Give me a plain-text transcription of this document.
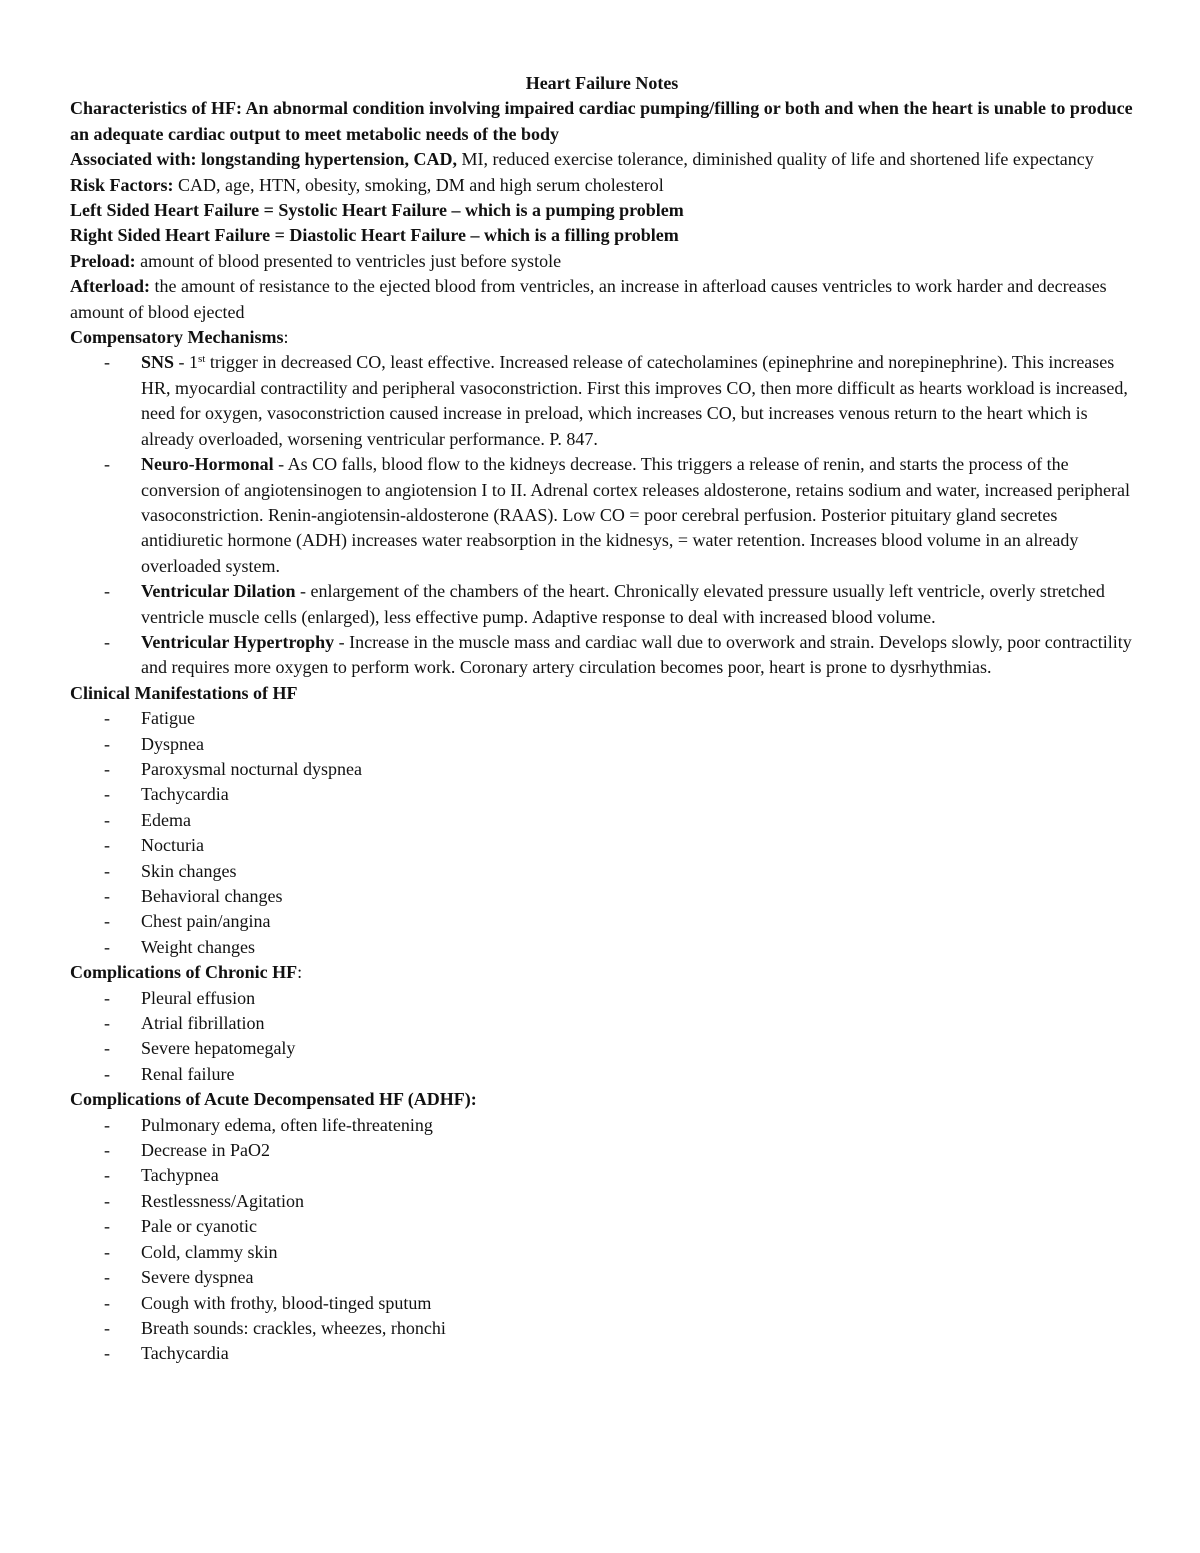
Heart Failure Notes

Characteristics of HF: An abnormal condition involving impaired cardiac pumping/filling or both and when the heart is unable to produce an adequate cardiac output to meet metabolic needs of the body

Associated with: longstanding hypertension, CAD, MI, reduced exercise tolerance, diminished quality of life and shortened life expectancy

Risk Factors: CAD, age, HTN, obesity, smoking, DM and high serum cholesterol

Left Sided Heart Failure = Systolic Heart Failure – which is a pumping problem

Right Sided Heart Failure = Diastolic Heart Failure – which is a filling problem

Preload: amount of blood presented to ventricles just before systole

Afterload: the amount of resistance to the ejected blood from ventricles, an increase in afterload causes ventricles to work harder and decreases amount of blood ejected

Compensatory Mechanisms:

- SNS - 1st trigger in decreased CO, least effective. Increased release of catecholamines (epinephrine and norepinephrine). This increases HR, myocardial contractility and peripheral vasoconstriction. First this improves CO, then more difficult as hearts workload is increased, need for oxygen, vasoconstriction caused increase in preload, which increases CO, but increases venous return to the heart which is already overloaded, worsening ventricular performance. P. 847.
- Neuro-Hormonal - As CO falls, blood flow to the kidneys decrease. This triggers a release of renin, and starts the process of the conversion of angiotensinogen to angiotension I to II. Adrenal cortex releases aldosterone, retains sodium and water, increased peripheral vasoconstriction. Renin-angiotensin-aldosterone (RAAS). Low CO = poor cerebral perfusion. Posterior pituitary gland secretes antidiuretic hormone (ADH) increases water reabsorption in the kidnesys, = water retention. Increases blood volume in an already overloaded system.
- Ventricular Dilation - enlargement of the chambers of the heart. Chronically elevated pressure usually left ventricle, overly stretched ventricle muscle cells (enlarged), less effective pump. Adaptive response to deal with increased blood volume.
- Ventricular Hypertrophy - Increase in the muscle mass and cardiac wall due to overwork and strain. Develops slowly, poor contractility and requires more oxygen to perform work. Coronary artery circulation becomes poor, heart is prone to dysrhythmias.

Clinical Manifestations of HF

- Fatigue
- Dyspnea
- Paroxysmal nocturnal dyspnea
- Tachycardia
- Edema
- Nocturia
- Skin changes
- Behavioral changes
- Chest pain/angina
- Weight changes

Complications of Chronic HF:

- Pleural effusion
- Atrial fibrillation
- Severe hepatomegaly
- Renal failure

Complications of Acute Decompensated HF (ADHF):

- Pulmonary edema, often life-threatening
- Decrease in PaO2
- Tachypnea
- Restlessness/Agitation
- Pale or cyanotic
- Cold, clammy skin
- Severe dyspnea
- Cough with frothy, blood-tinged sputum
- Breath sounds: crackles, wheezes, rhonchi
- Tachycardia
